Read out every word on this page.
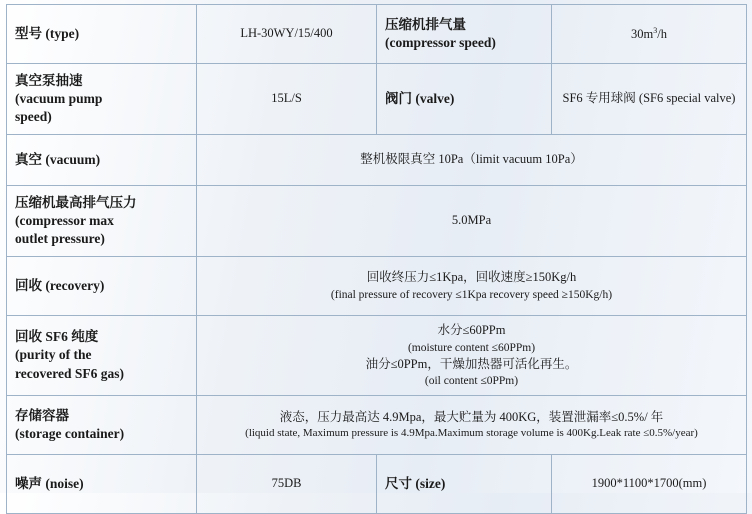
型号 (type)	LH-30WY/15/400	压缩机排气量
(compressor speed)	$30m^3/h$

真空泵抽速
(vacuum pump
speed)	15L/S	阀门 (valve)	SF6 专用球阀 (SF6 special valve)
真空 (vacuum)	整机极限真空 10Pa（limit vacuum 10Pa）		

压缩机最高排气压力
(compressor max
outlet pressure)	5.0MPa		
回收 (recovery)	回收终压力≤1Kpa，回收速度≥150Kg/h
(final pressure of recovery ≤1Kpa recovery speed ≥150Kg/h)		

回收 SF6 纯度
(purity of the
recovered SF6 gas)	水分≤60PPm
(moisture content ≤60PPm)
油分≤0PPm，干燥加热器可活化再生。
(oil content ≤0PPm)		

存储容器
(storage container)	液态，压力最高达 4.9Mpa，最大贮量为 400KG，装置泄漏率≤0.5%/ 年
(liquid state, Maximum pressure is 4.9Mpa.Maximum storage volume is 400Kg.Leak rate ≤0.5%/year)		

噪声 (noise)	75DB	尺寸 (size)	1900*1100*1700(mm)
